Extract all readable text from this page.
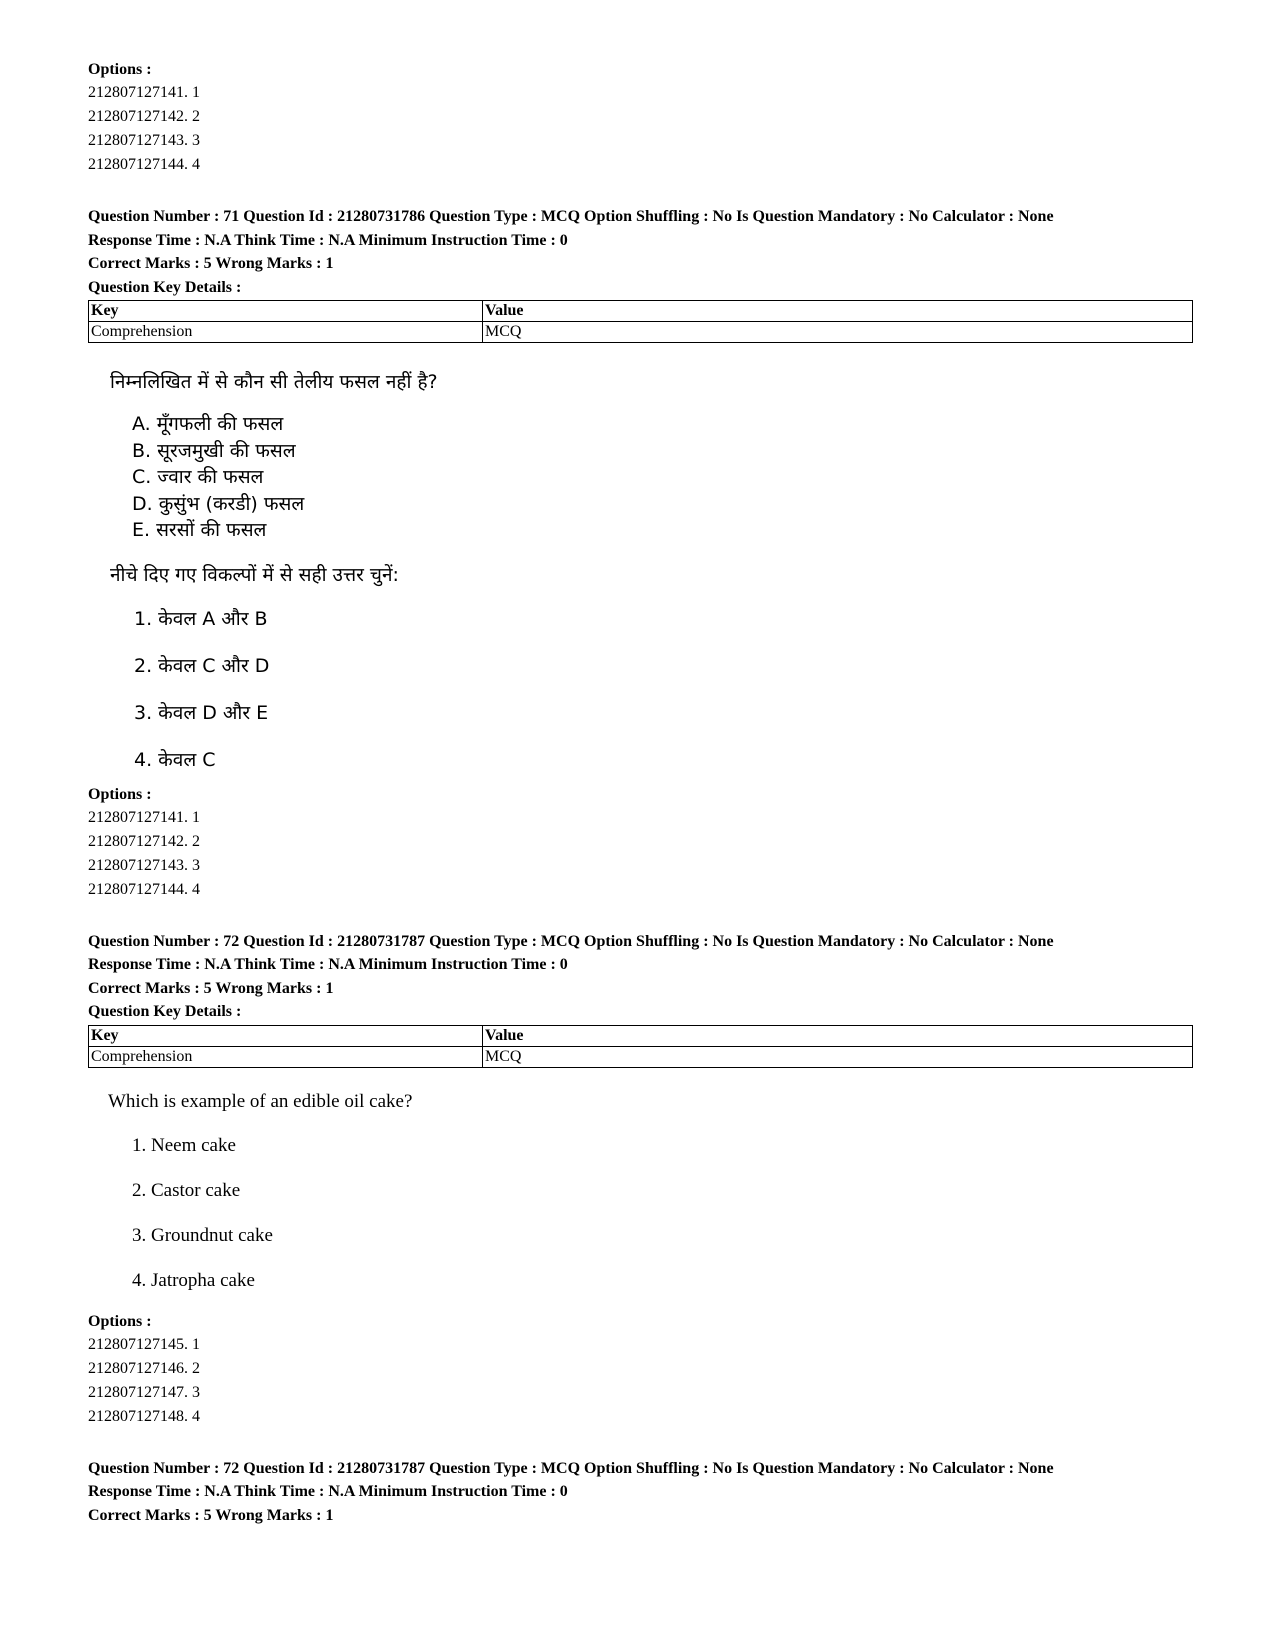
Options :
212807127141. 1
212807127142. 2
212807127143. 3
212807127144. 4
Question Number : 71 Question Id : 21280731786 Question Type : MCQ Option Shuffling : No Is Question Mandatory : No Calculator : None
Response Time : N.A Think Time : N.A Minimum Instruction Time : 0
Correct Marks : 5 Wrong Marks : 1
Question Key Details :
Key	Value
Comprehension	MCQ
निम्नलिखित में से कौन सी तेलीय फसल नहीं है?
A. मूँगफली की फसल
B. सूरजमुखी की फसल
C. ज्वार की फसल
D. कुसुंभ (करडी) फसल
E. सरसों की फसल
नीचे दिए गए विकल्पों में से सही उत्तर चुनें:
1. केवल A और B
2. केवल C और D
3. केवल D और E
4. केवल C
Options :
212807127141. 1
212807127142. 2
212807127143. 3
212807127144. 4
Question Number : 72 Question Id : 21280731787 Question Type : MCQ Option Shuffling : No Is Question Mandatory : No Calculator : None
Response Time : N.A Think Time : N.A Minimum Instruction Time : 0
Correct Marks : 5 Wrong Marks : 1
Question Key Details :
Key	Value
Comprehension	MCQ
Which is example of an edible oil cake?
1. Neem cake
2. Castor cake
3. Groundnut cake
4. Jatropha cake
Options :
212807127145. 1
212807127146. 2
212807127147. 3
212807127148. 4
Question Number : 72 Question Id : 21280731787 Question Type : MCQ Option Shuffling : No Is Question Mandatory : No Calculator : None
Response Time : N.A Think Time : N.A Minimum Instruction Time : 0
Correct Marks : 5 Wrong Marks : 1
